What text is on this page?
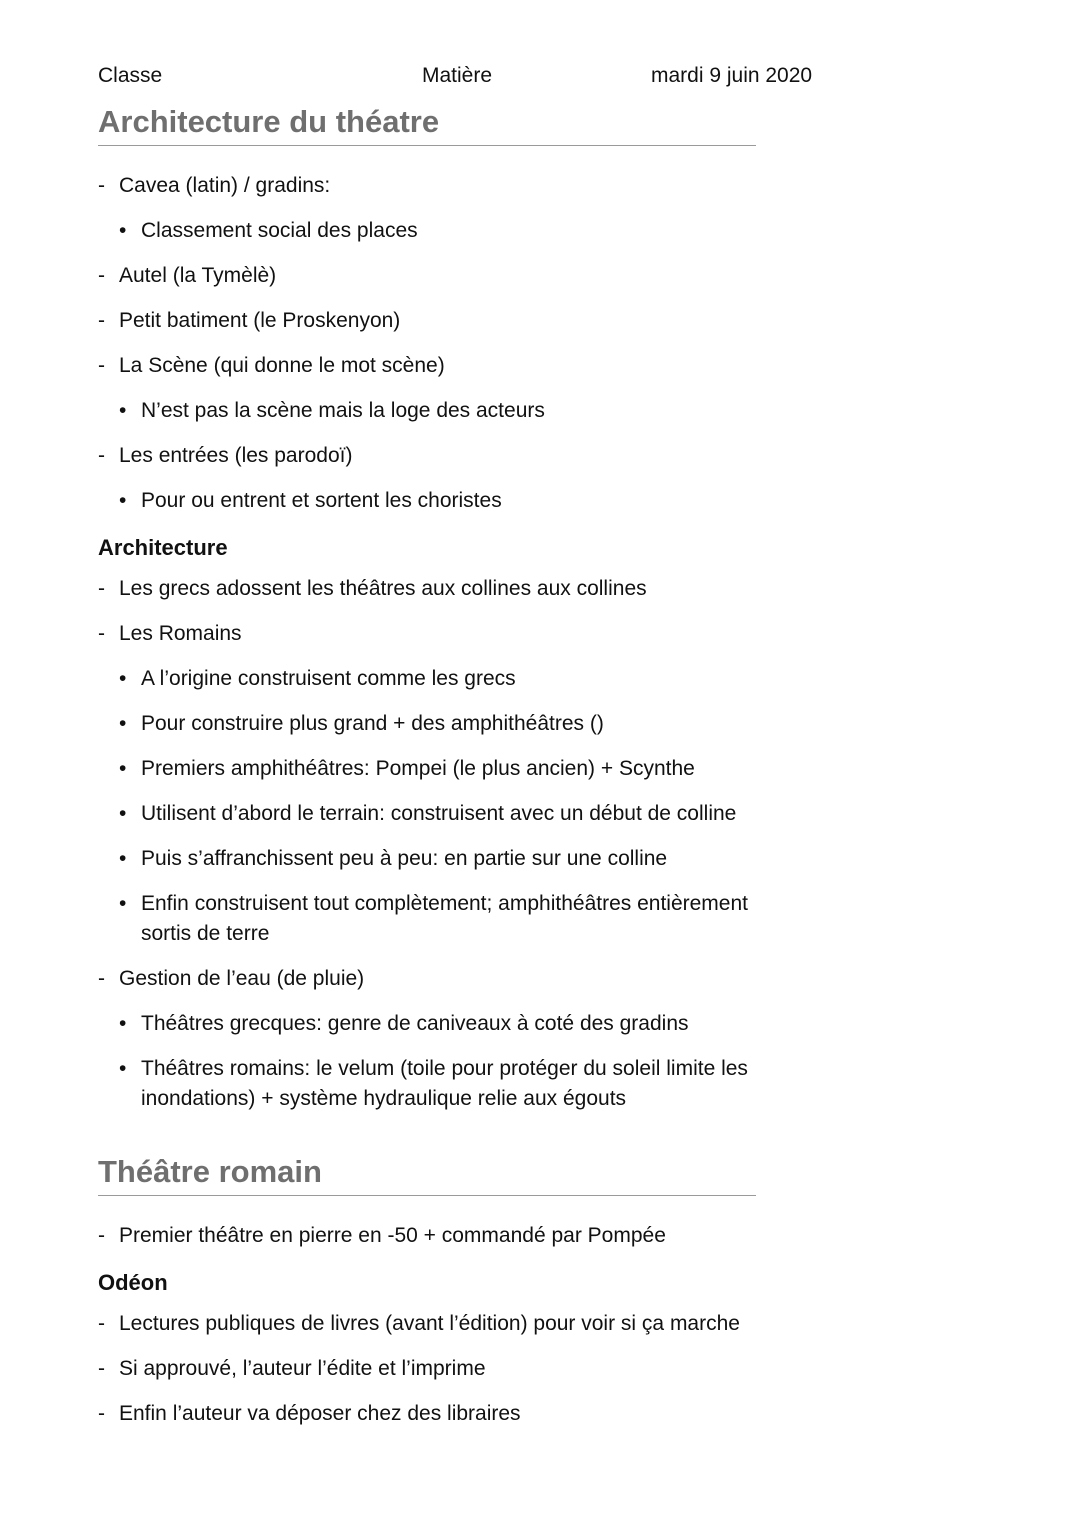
Classe	Matière	mardi 9 juin 2020
Architecture du théatre
- Cavea (latin) / gradins:
• Classement social des places
- Autel (la Tymèlè)
- Petit batiment (le Proskenyon)
- La Scène (qui donne le mot scène)
• N’est pas la scène mais la loge des acteurs
- Les entrées (les parodoï)
• Pour ou entrent et sortent les choristes
Architecture
- Les grecs adossent les théâtres aux collines aux collines
- Les Romains
• A l’origine construisent comme les grecs
• Pour construire plus grand + des amphithéâtres ()
• Premiers amphithéâtres: Pompei (le plus ancien) + Scynthe
• Utilisent d’abord le terrain: construisent avec un début de colline
• Puis s’affranchissent peu à peu: en partie sur une colline
• Enfin construisent tout complètement; amphithéâtres entièrement sortis de terre
- Gestion de l’eau (de pluie)
• Théâtres grecques: genre de caniveaux à coté des gradins
• Théâtres romains: le velum (toile pour protéger du soleil limite les inondations) + système hydraulique relie aux égouts
Théâtre romain
- Premier théâtre en pierre en -50 + commandé par Pompée
Odéon
- Lectures publiques de livres (avant l’édition) pour voir si ça marche
- Si approuvé, l’auteur l’édite et l’imprime
- Enfin l’auteur va déposer chez des libraires
